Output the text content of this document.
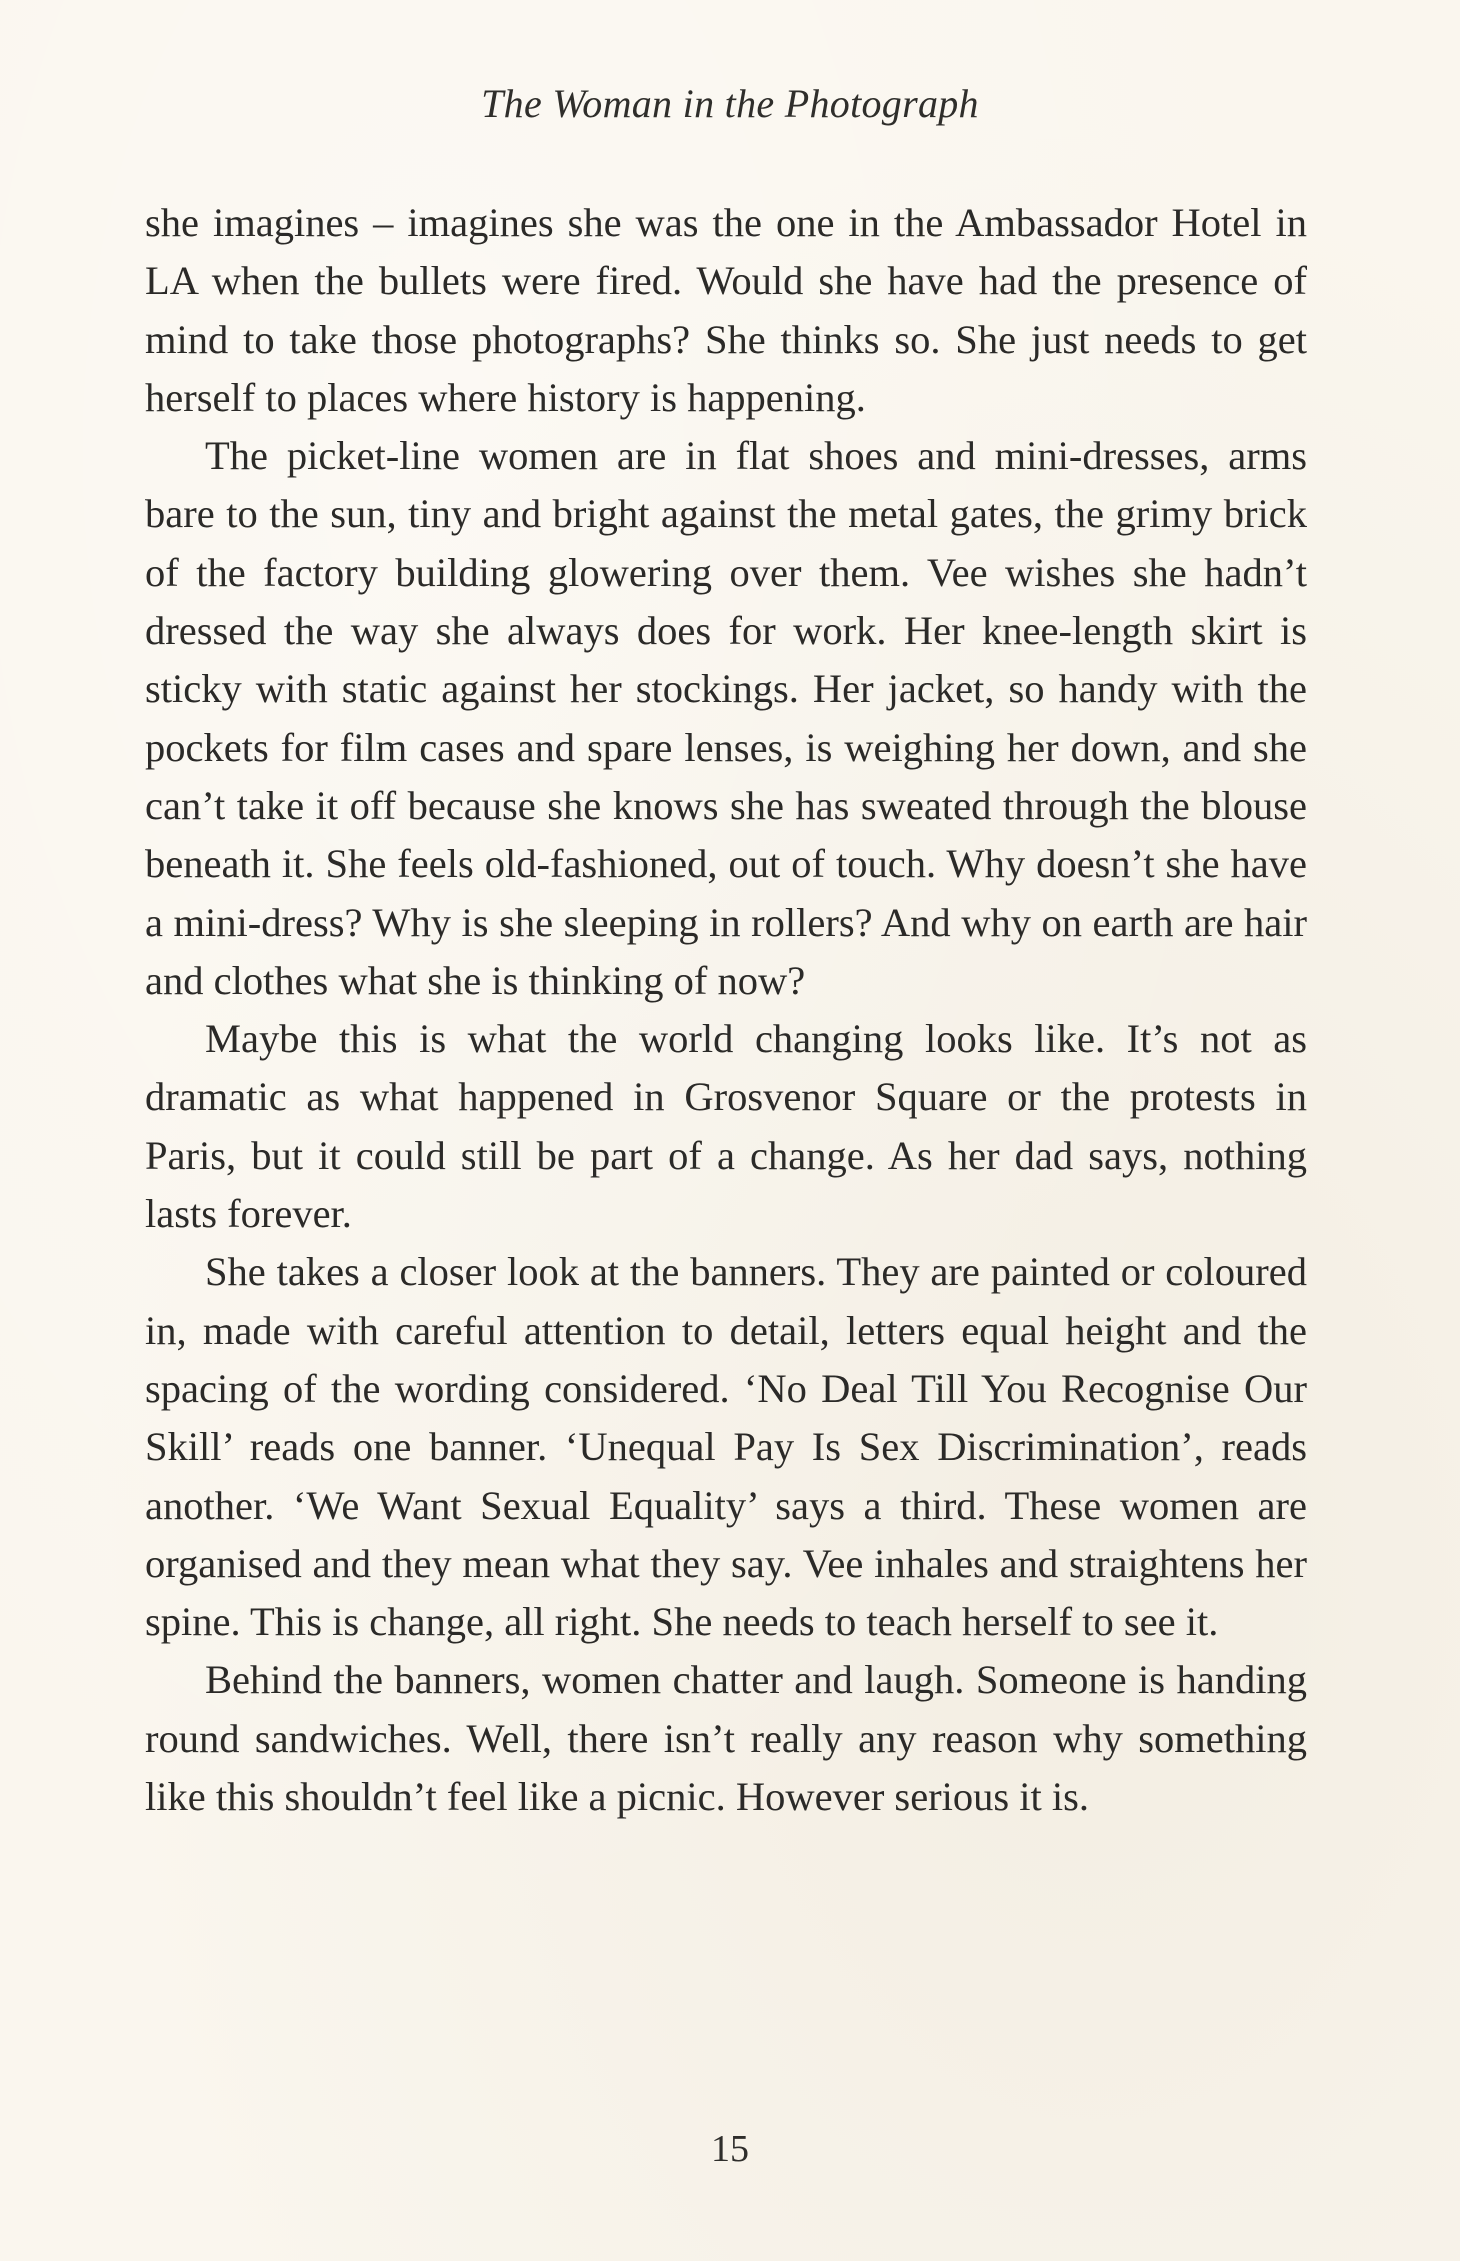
The Woman in the Photograph

she imagines – imagines she was the one in the Ambassador Hotel in LA when the bullets were fired. Would she have had the presence of mind to take those photographs? She thinks so. She just needs to get herself to places where history is happening.

The picket-line women are in flat shoes and mini-dresses, arms bare to the sun, tiny and bright against the metal gates, the grimy brick of the factory building glowering over them. Vee wishes she hadn’t dressed the way she always does for work. Her knee-length skirt is sticky with static against her stockings. Her jacket, so handy with the pockets for film cases and spare lenses, is weighing her down, and she can’t take it off because she knows she has sweated through the blouse beneath it. She feels old-fashioned, out of touch. Why doesn’t she have a mini-dress? Why is she sleeping in rollers? And why on earth are hair and clothes what she is thinking of now?

Maybe this is what the world changing looks like. It’s not as dramatic as what happened in Grosvenor Square or the protests in Paris, but it could still be part of a change. As her dad says, nothing lasts forever.

She takes a closer look at the banners. They are painted or coloured in, made with careful attention to detail, letters equal height and the spacing of the wording considered. ‘No Deal Till You Recognise Our Skill’ reads one banner. ‘Unequal Pay Is Sex Discrimination’, reads another. ‘We Want Sexual Equality’ says a third. These women are organised and they mean what they say. Vee inhales and straightens her spine. This is change, all right. She needs to teach herself to see it.

Behind the banners, women chatter and laugh. Someone is handing round sandwiches. Well, there isn’t really any reason why something like this shouldn’t feel like a picnic. However serious it is.

15
